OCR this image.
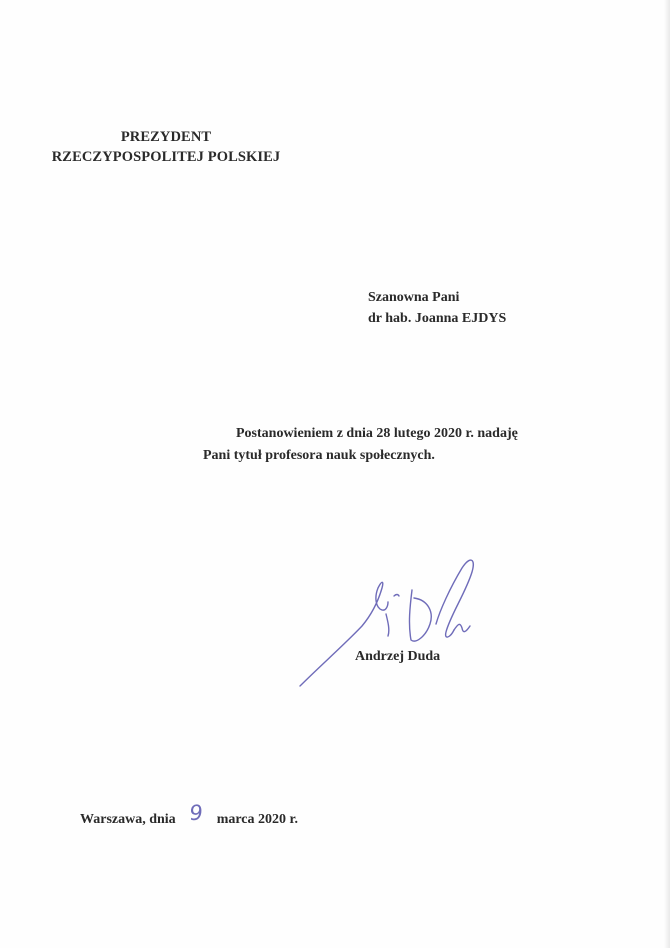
PREZYDENT
RZECZYPOSPOLITEJ POLSKIEJ
Szanowna Pani
dr hab. Joanna EJDYS
Postanowieniem z dnia 28 lutego 2020 r. nadaję
Pani tytuł profesora nauk społecznych.
Andrzej Duda
Warszawa, dnia 9 marca 2020 r.
